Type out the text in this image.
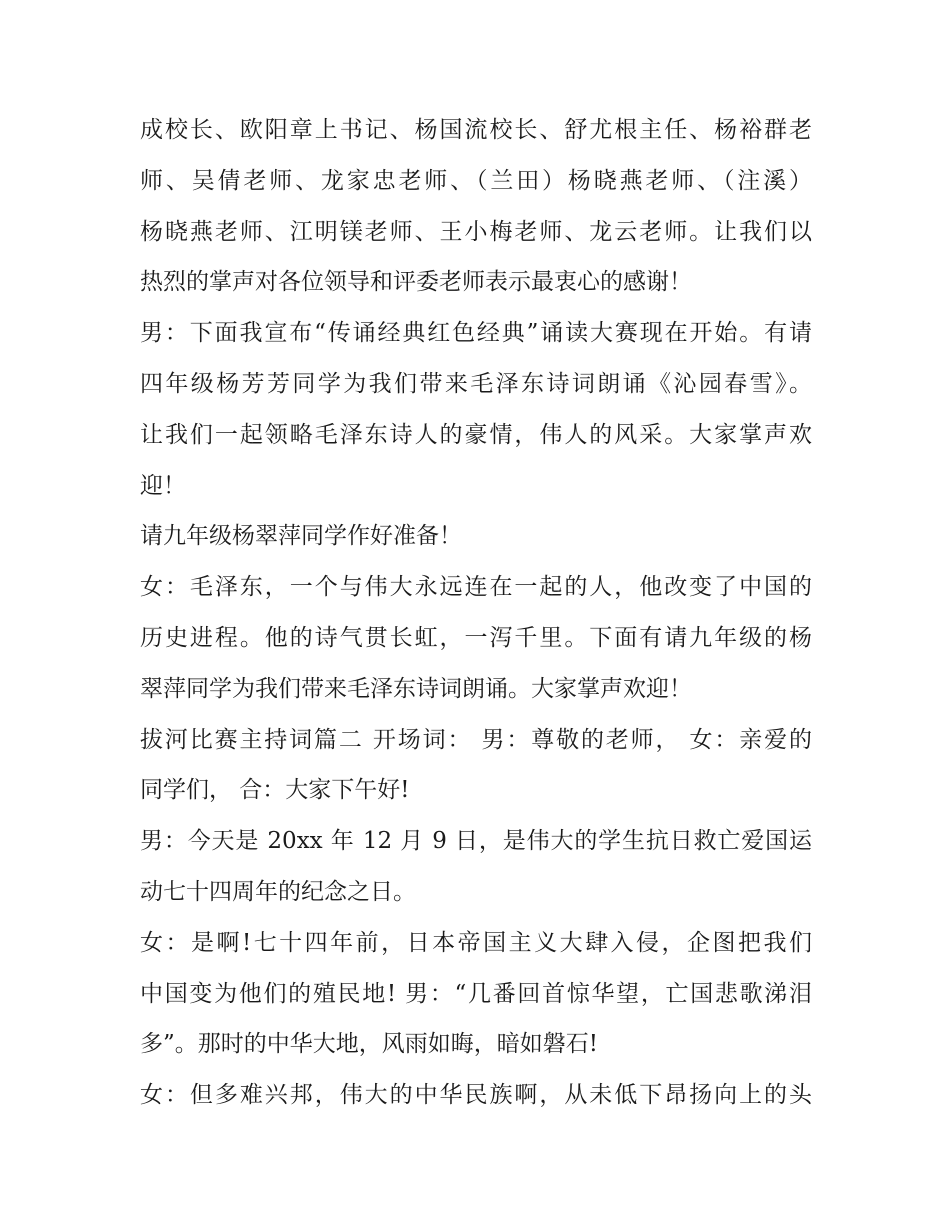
成校长、欧阳章上书记、杨国流校长、舒尤根主任、杨裕群老
师、吴倩老师、龙家忠老师、（兰田）杨晓燕老师、（注溪）
杨晓燕老师、江明镁老师、王小梅老师、龙云老师。让我们以
热烈的掌声对各位领导和评委老师表示最衷心的感谢！
男：下面我宣布“传诵经典红色经典”诵读大赛现在开始。有请
四年级杨芳芳同学为我们带来毛泽东诗词朗诵《沁园春雪》。
让我们一起领略毛泽东诗人的豪情，伟人的风采。大家掌声欢
迎！
请九年级杨翠萍同学作好准备！
女：毛泽东，一个与伟大永远连在一起的人，他改变了中国的
历史进程。他的诗气贯长虹，一泻千里。下面有请九年级的杨
翠萍同学为我们带来毛泽东诗词朗诵。大家掌声欢迎！
拔河比赛主持词篇二 开场词： 男：尊敬的老师， 女：亲爱的
同学们， 合：大家下午好!
男：今天是 20xx 年 12 月 9 日，是伟大的学生抗日救亡爱国运
动七十四周年的纪念之日。
女：是啊!七十四年前，日本帝国主义大肆入侵，企图把我们
中国变为他们的殖民地! 男：“几番回首惊华望，亡国悲歌涕泪
多”。那时的中华大地，风雨如晦，暗如磐石!
女：但多难兴邦，伟大的中华民族啊，从未低下昂扬向上的头
